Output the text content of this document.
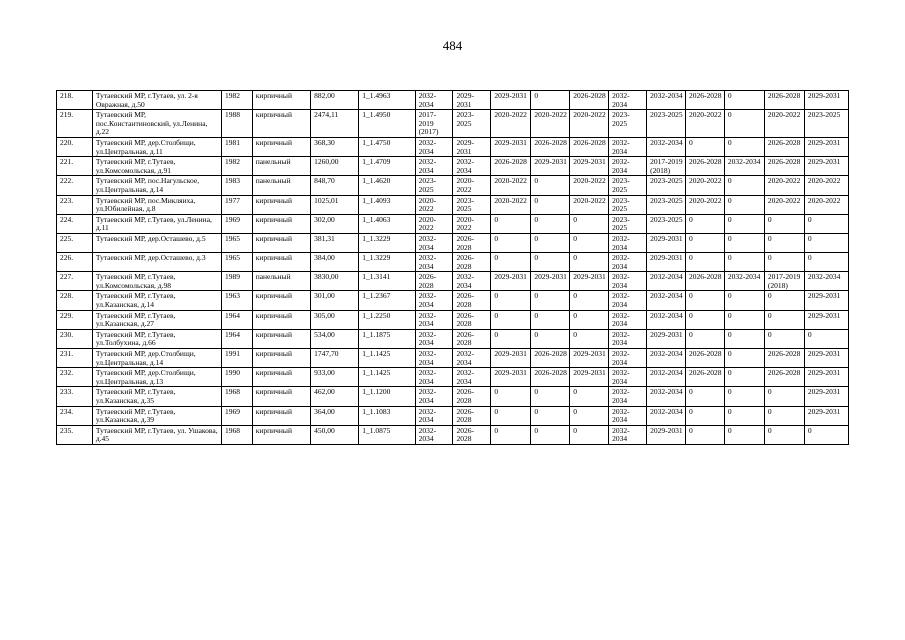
484
218.	Тутаевский МР, г.Тутаев, ул. 2-я Овражная, д.50	1982	кирпичный	882,00	1_1.4963	2032-2034	2029-2031	2029-2031	0	2026-2028	2032-2034	2032-2034	2026-2028	0	2026-2028	2029-2031
219.	Тутаевский МР, пос.Константиновский, ул.Ленина, д.22	1988	кирпичный	2474,11	1_1.4950	2017-2019 (2017)	2023-2025	2020-2022	2020-2022	2020-2022	2023-2025	2023-2025	2020-2022	0	2020-2022	2023-2025
220.	Тутаевский МР, дер.Столбищи, ул.Центральная, д.11	1981	кирпичный	368,30	1_1.4750	2032-2034	2029-2031	2029-2031	2026-2028	2026-2028	2032-2034	2032-2034	0	0	2026-2028	2029-2031
221.	Тутаевский МР, г.Тутаев, ул.Комсомольская, д.91	1982	панельный	1260,00	1_1.4709	2032-2034	2032-2034	2026-2028	2029-2031	2029-2031	2032-2034	2017-2019 (2018)	2026-2028	2032-2034	2026-2028	2029-2031
222.	Тутаевский МР, пос.Нагульское, ул.Центральная, д.14	1983	панельный	848,70	1_1.4620	2023-2025	2020-2022	2020-2022	0	2020-2022	2023-2025	2023-2025	2020-2022	0	2020-2022	2020-2022
223.	Тутаевский МР, пос.Микляиха, ул.Юбилейная, д.8	1977	кирпичный	1025,01	1_1.4093	2020-2022	2023-2025	2020-2022	0	2020-2022	2023-2025	2023-2025	2020-2022	0	2020-2022	2020-2022
224.	Тутаевский МР, г.Тутаев, ул.Ленина, д.11	1969	кирпичный	302,00	1_1.4063	2020-2022	2020-2022	0	0	0	2023-2025	2023-2025	0	0	0	0
225.	Тутаевский МР, дер.Осташево, д.5	1965	кирпичный	381,31	1_1.3229	2032-2034	2026-2028	0	0	0	2032-2034	2029-2031	0	0	0	0
226.	Тутаевский МР, дер.Осташево, д.3	1965	кирпичный	384,00	1_1.3229	2032-2034	2026-2028	0	0	0	2032-2034	2029-2031	0	0	0	0
227.	Тутаевский МР, г.Тутаев, ул.Комсомольская, д.98	1989	панельный	3830,00	1_1.3141	2026-2028	2032-2034	2029-2031	2029-2031	2029-2031	2032-2034	2032-2034	2026-2028	2032-2034	2017-2019 (2018)	2032-2034
228.	Тутаевский МР, г.Тутаев, ул.Казанская, д.14	1963	кирпичный	301,00	1_1.2367	2032-2034	2026-2028	0	0	0	2032-2034	2032-2034	0	0	0	2029-2031
229.	Тутаевский МР, г.Тутаев, ул.Казанская, д.27	1964	кирпичный	305,00	1_1.2250	2032-2034	2026-2028	0	0	0	2032-2034	2032-2034	0	0	0	2029-2031
230.	Тутаевский МР, г.Тутаев, ул.Толбухина, д.66	1964	кирпичный	534,00	1_1.1875	2032-2034	2026-2028	0	0	0	2032-2034	2029-2031	0	0	0	0
231.	Тутаевский МР, дер.Столбищи, ул.Центральная, д.14	1991	кирпичный	1747,70	1_1.1425	2032-2034	2032-2034	2029-2031	2026-2028	2029-2031	2032-2034	2032-2034	2026-2028	0	2026-2028	2029-2031
232.	Тутаевский МР, дер.Столбищи, ул.Центральная, д.13	1990	кирпичный	933,00	1_1.1425	2032-2034	2032-2034	2029-2031	2026-2028	2029-2031	2032-2034	2032-2034	2026-2028	0	2026-2028	2029-2031
233.	Тутаевский МР, г.Тутаев, ул.Казанская, д.35	1968	кирпичный	462,00	1_1.1200	2032-2034	2026-2028	0	0	0	2032-2034	2032-2034	0	0	0	2029-2031
234.	Тутаевский МР, г.Тутаев, ул.Казанская, д.39	1969	кирпичный	364,00	1_1.1083	2032-2034	2026-2028	0	0	0	2032-2034	2032-2034	0	0	0	2029-2031
235.	Тутаевский МР, г.Тутаев, ул. Ушакова, д.45	1968	кирпичный	450,00	1_1.0875	2032-2034	2026-2028	0	0	0	2032-2034	2029-2031	0	0	0	0
